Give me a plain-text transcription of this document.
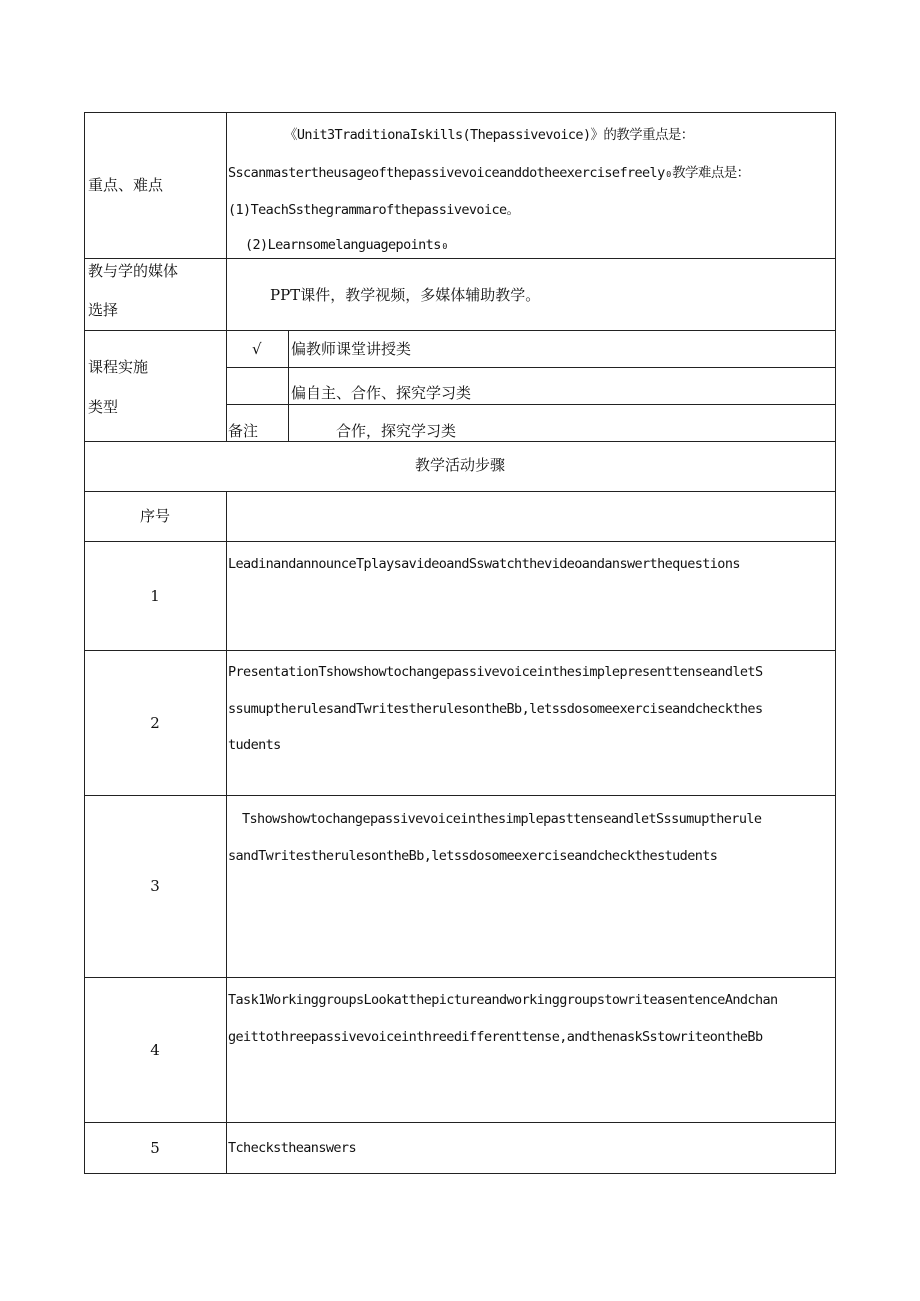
重点、难点
《Unit3TraditionaIskills(Thepassivevoice)》的教学重点是：
Sscanmastertheusageofthepassivevoiceanddotheexercisefreely₀教学难点是：
(1)TeachSsthegrammarofthepassivevoice。
(2)Learnsomelanguagepoints₀
教与学的媒体
选择
PPT课件，教学视频，多媒体辅助教学。
课程实施
类型
√ 偏教师课堂讲授类
偏自主、合作、探究学习类
备注	合作，探究学习类
教学活动步骤
序号
1
LeadinandannounceTplaysavideoandSswatchthevideoandanswerthequestions
2
PresentationTshowshowtochangepassivevoiceinthesimplepresenttenseandletS
ssumuptherulesandTwritestherulesontheBb,letssdosomeexerciseandcheckthes
tudents
3
TshowshowtochangepassivevoiceinthesimplepasttenseandletSssumuptherule
sandTwritestherulesontheBb,letssdosomeexerciseandcheckthestudents
4
Task1WorkinggroupsLookatthepictureandworkinggroupstowriteasentenceAndchan
geittothreepassivevoiceinthreedifferenttense,andthenaskSstowriteontheBb
5	Tcheckstheanswers
